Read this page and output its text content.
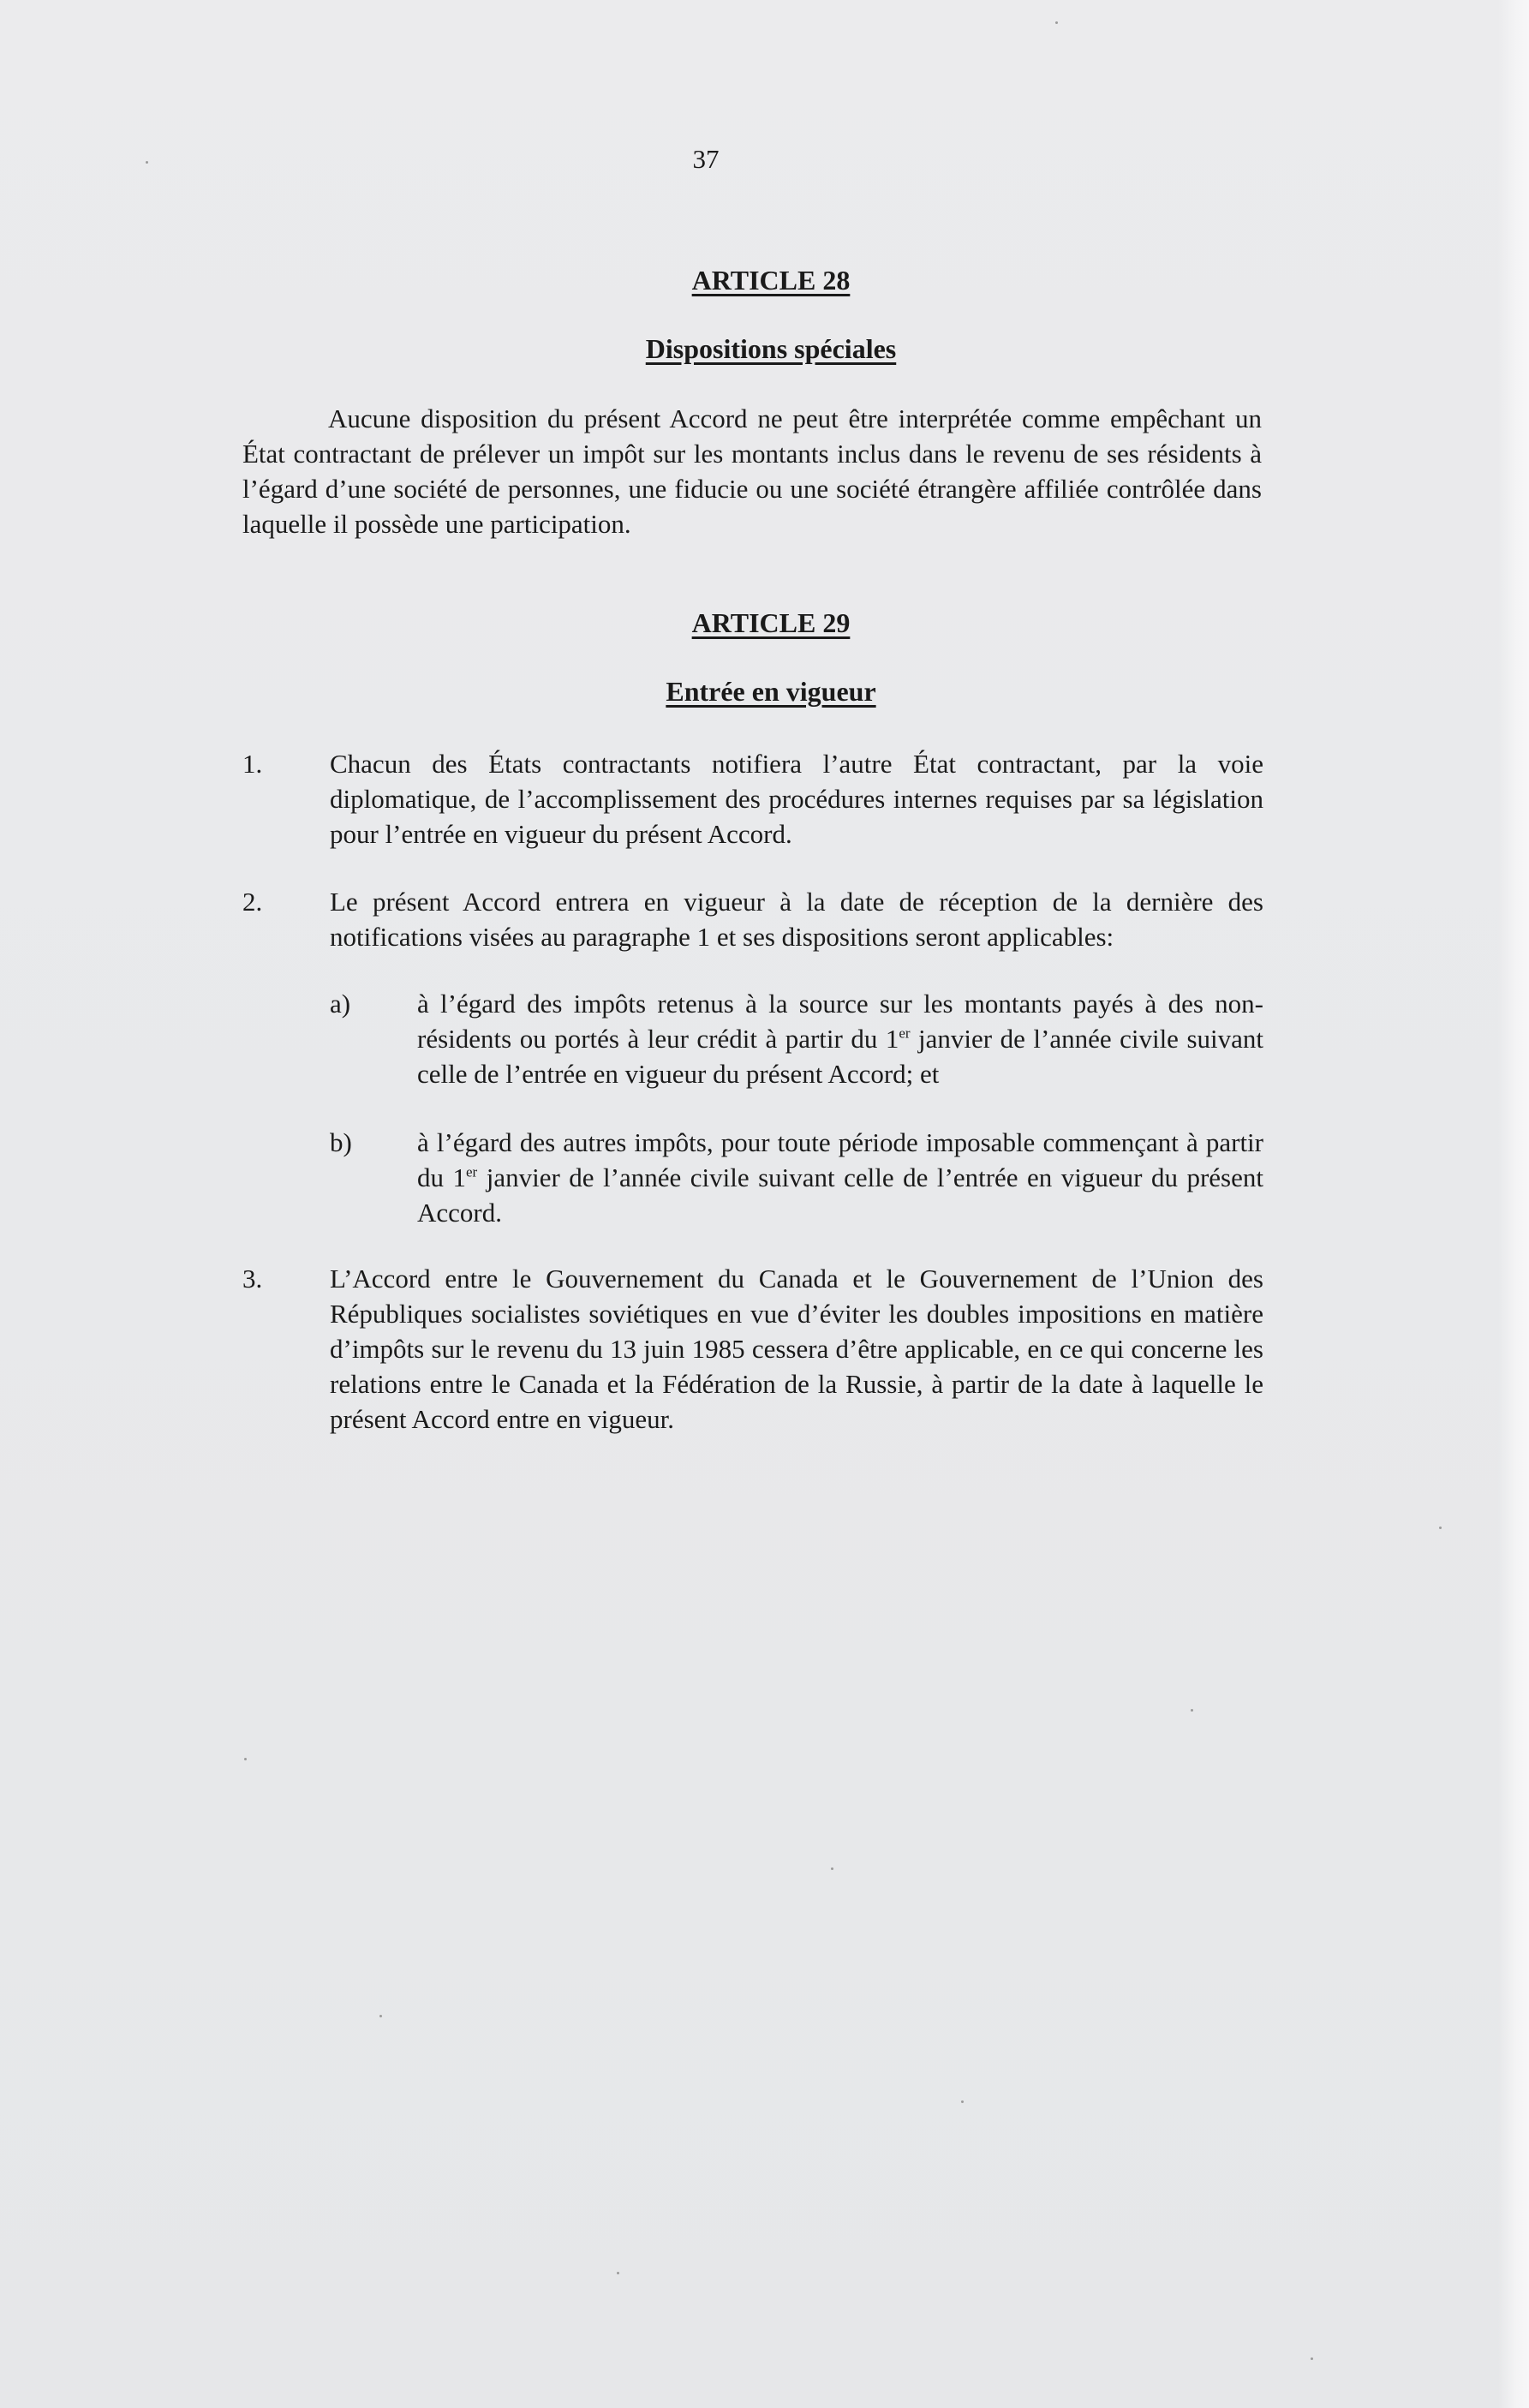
37
ARTICLE 28
Dispositions spéciales
Aucune disposition du présent Accord ne peut être interprétée comme empêchant un État contractant de prélever un impôt sur les montants inclus dans le revenu de ses résidents à l’égard d’une société de personnes, une fiducie ou une société étrangère affiliée contrôlée dans laquelle il possède une participation.
ARTICLE 29
Entrée en vigueur
1.	Chacun des États contractants notifiera l’autre État contractant, par la voie diplomatique, de l’accomplissement des procédures internes requises par sa législation pour l’entrée en vigueur du présent Accord.
2.	Le présent Accord entrera en vigueur à la date de réception de la dernière des notifications visées au paragraphe 1 et ses dispositions seront applicables:
a)	à l’égard des impôts retenus à la source sur les montants payés à des non-résidents ou portés à leur crédit à partir du 1er janvier de l’année civile suivant celle de l’entrée en vigueur du présent Accord; et
b) à l’égard des autres impôts, pour toute période imposable commençant à partir du 1er janvier de l’année civile suivant celle de l’entrée en vigueur du présent Accord.
3.	L’Accord entre le Gouvernement du Canada et le Gouvernement de l’Union des Républiques socialistes soviétiques en vue d’éviter les doubles impositions en matière d’impôts sur le revenu du 13 juin 1985 cessera d’être applicable, en ce qui concerne les relations entre le Canada et la Fédération de la Russie, à partir de la date à laquelle le présent Accord entre en vigueur.
